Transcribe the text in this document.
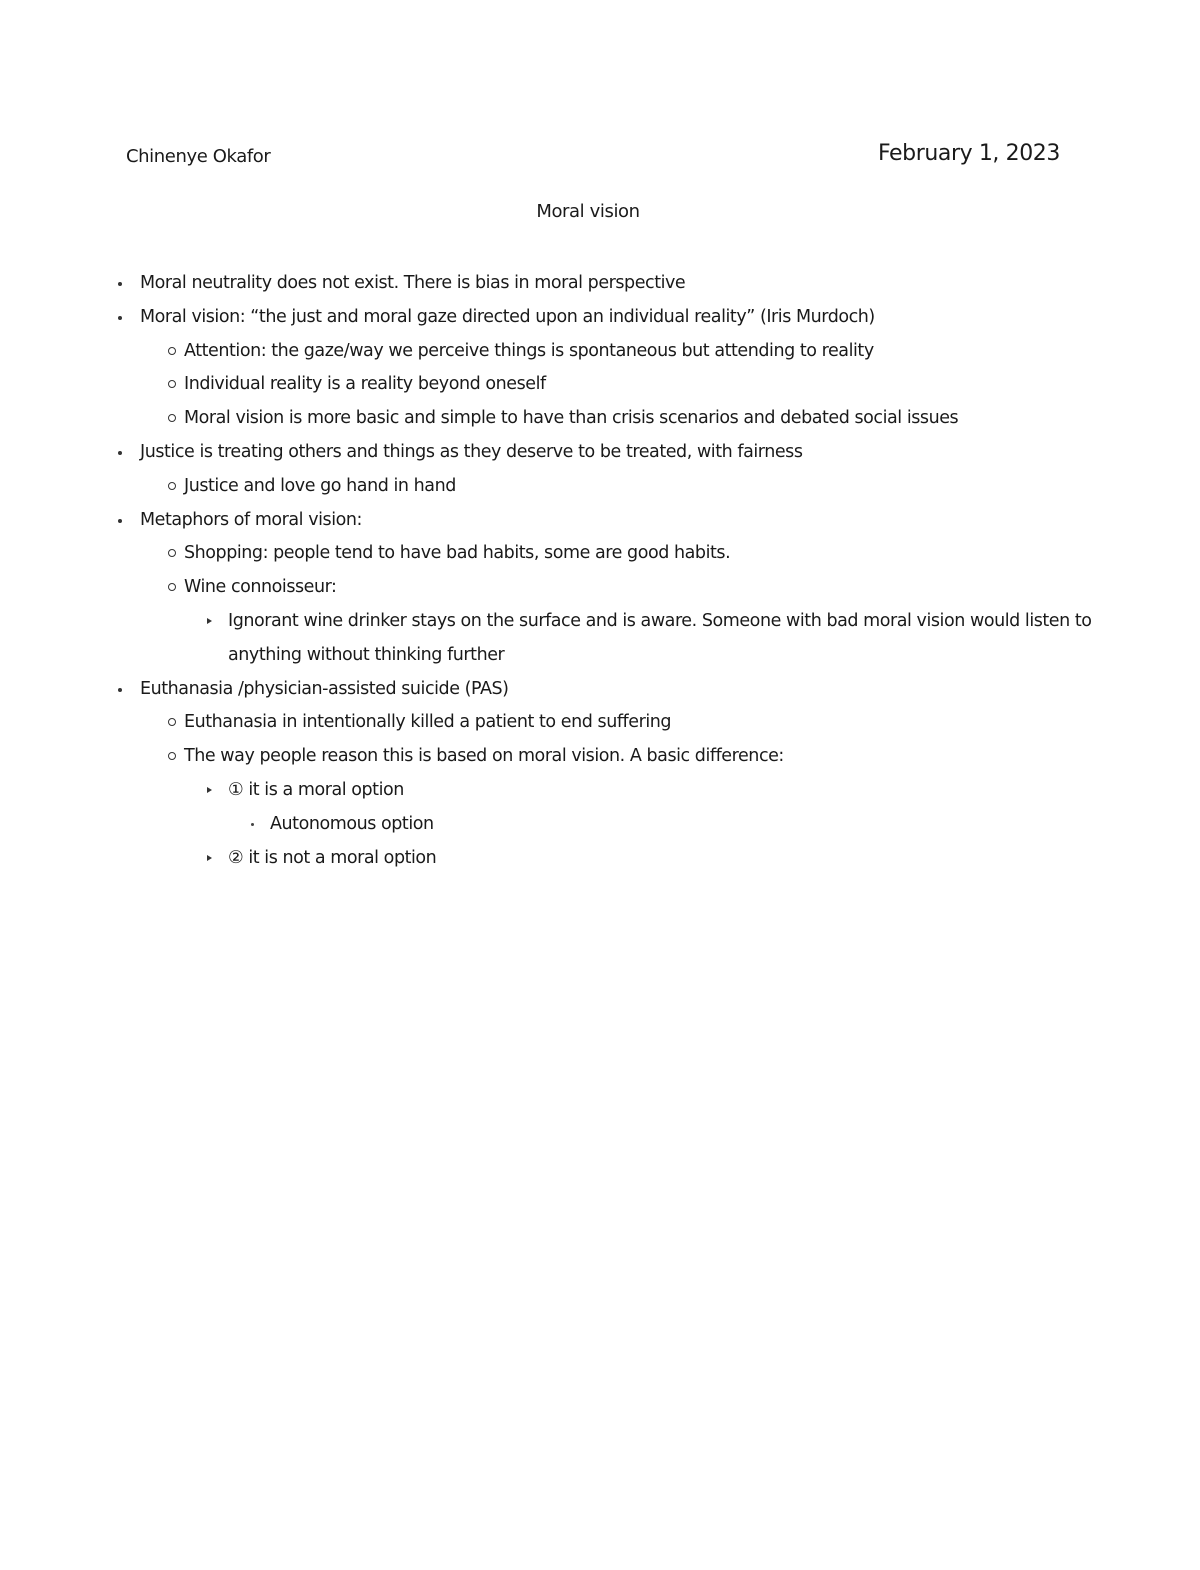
Chinenye Okafor	February 1, 2023
Moral vision
Moral neutrality does not exist. There is bias in moral perspective
Moral vision: “the just and moral gaze directed upon an individual reality” (Iris Murdoch)
Attention: the gaze/way we perceive things is spontaneous but attending to reality
Individual reality is a reality beyond oneself
Moral vision is more basic and simple to have than crisis scenarios and debated social issues
Justice is treating others and things as they deserve to be treated, with fairness
Justice and love go hand in hand
Metaphors of moral vision:
Shopping: people tend to have bad habits, some are good habits.
Wine connoisseur:
Ignorant wine drinker stays on the surface and is aware. Someone with bad moral vision would listen to
anything without thinking further
Euthanasia /physician-assisted suicide (PAS)
Euthanasia in intentionally killed a patient to end suffering
The way people reason this is based on moral vision. A basic difference:
① it is a moral option
Autonomous option
② it is not a moral option
